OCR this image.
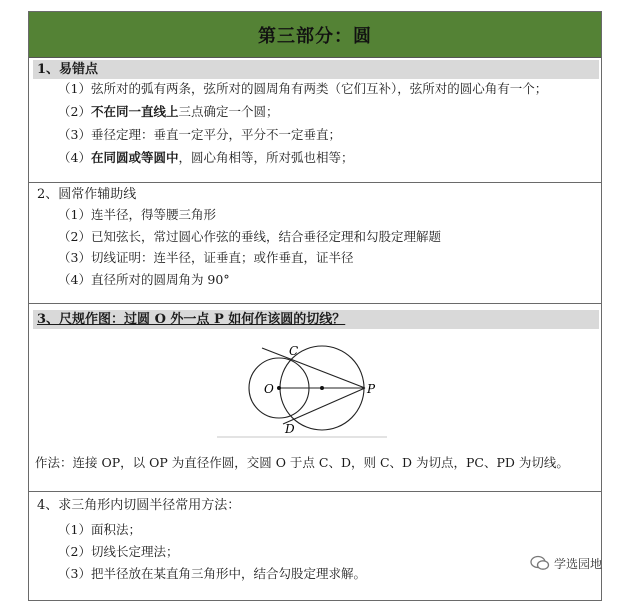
第三部分：圆
1、易错点
（1）弦所对的弧有两条，弦所对的圆周角有两类（它们互补），弦所对的圆心角有一个；
（2）不在同一直线上三点确定一个圆；
（3）垂径定理：垂直一定平分，平分不一定垂直；
（4）在同圆或等圆中，圆心角相等，所对弧也相等；
2、圆常作辅助线
（1）连半径，得等腰三角形
（2）已知弦长，常过圆心作弦的垂线，结合垂径定理和勾股定理解题
（3）切线证明：连半径，证垂直；或作垂直，证半径
（4）直径所对的圆周角为 90°
3、尺规作图：过圆 O 外一点 P 如何作该圆的切线？
作法：连接 OP，以 OP 为直径作圆，交圆 O 于点 C、D，则 C、D 为切点，PC、PD 为切线。
4、求三角形内切圆半径常用方法：
（1）面积法；
（2）切线长定理法；
（3）把半径放在某直角三角形中，结合勾股定理求解。
C
O	P
D
学选园地
